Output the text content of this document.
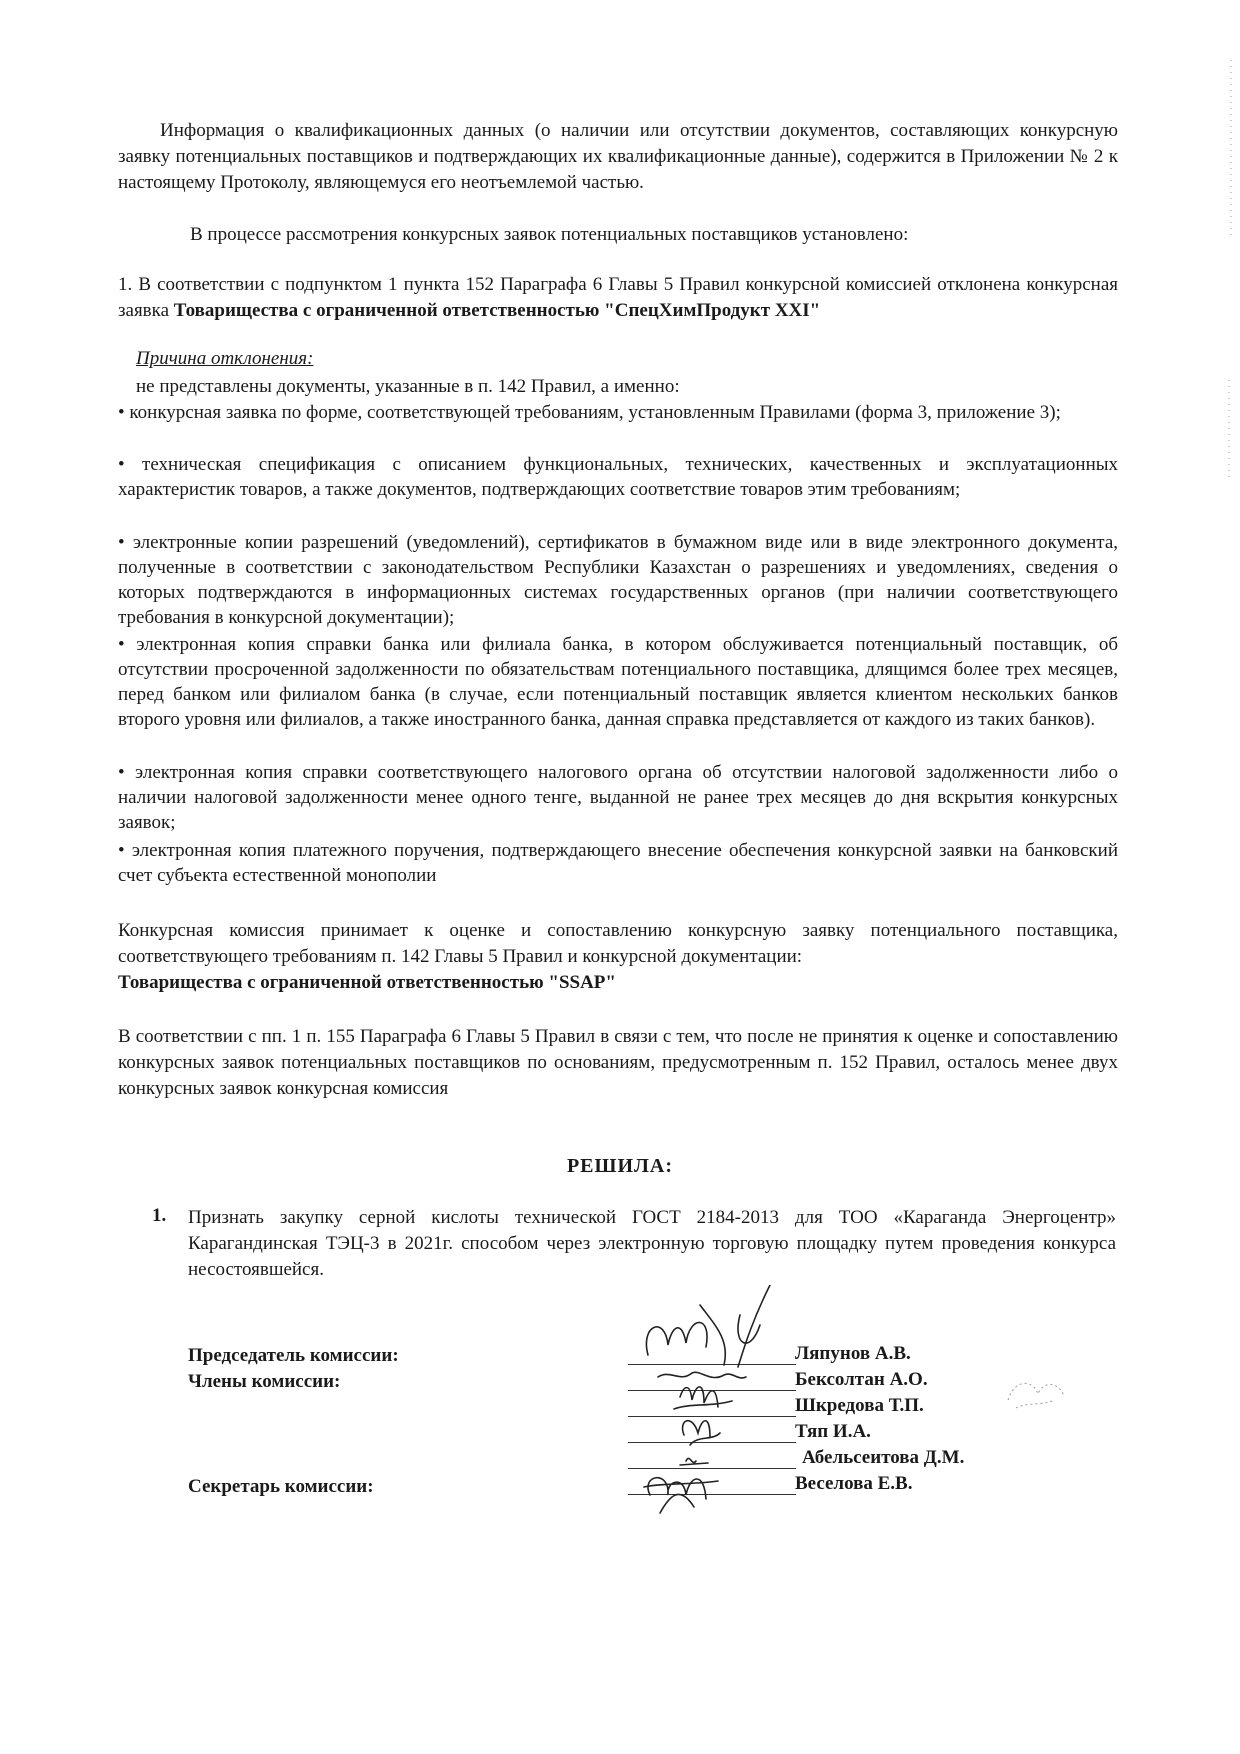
Информация о квалификационных данных (о наличии или отсутствии документов, составляющих конкурсную заявку потенциальных поставщиков и подтверждающих их квалификационные данные), содержится в Приложении № 2 к настоящему Протоколу, являющемуся его неотъемлемой частью.

В процессе рассмотрения конкурсных заявок потенциальных поставщиков установлено:

1. В соответствии с подпунктом 1 пункта 152 Параграфа 6 Главы 5 Правил конкурсной комиссией отклонена конкурсная заявка Товарищества с ограниченной ответственностью "СпецХимПродукт XXI"

Причина отклонения:

не представлены документы, указанные в п. 142 Правил, а именно:

• конкурсная заявка по форме, соответствующей требованиям, установленным Правилами (форма 3, приложение 3);

• техническая спецификация с описанием функциональных, технических, качественных и эксплуатационных характеристик товаров, а также документов, подтверждающих соответствие товаров этим требованиям;

• электронные копии разрешений (уведомлений), сертификатов в бумажном виде или в виде электронного документа, полученные в соответствии с законодательством Республики Казахстан о разрешениях и уведомлениях, сведения о которых подтверждаются в информационных системах государственных органов (при наличии соответствующего требования в конкурсной документации);

• электронная копия справки банка или филиала банка, в котором обслуживается потенциальный поставщик, об отсутствии просроченной задолженности по обязательствам потенциального поставщика, длящимся более трех месяцев, перед банком или филиалом банка (в случае, если потенциальный поставщик является клиентом нескольких банков второго уровня или филиалов, а также иностранного банка, данная справка представляется от каждого из таких банков).

• электронная копия справки соответствующего налогового органа об отсутствии налоговой задолженности либо о наличии налоговой задолженности менее одного тенге, выданной не ранее трех месяцев до дня вскрытия конкурсных заявок;

• электронная копия платежного поручения, подтверждающего внесение обеспечения конкурсной заявки на банковский счет субъекта естественной монополии

Конкурсная комиссия принимает к оценке и сопоставлению конкурсную заявку потенциального поставщика, соответствующего требованиям п. 142 Главы 5 Правил и конкурсной документации:
Товарищества с ограниченной ответственностью "SSAP"

В соответствии с пп. 1 п. 155 Параграфа 6 Главы 5 Правил в связи с тем, что после не принятия к оценке и сопоставлению конкурсных заявок потенциальных поставщиков по основаниям, предусмотренным п. 152 Правил, осталось менее двух конкурсных заявок конкурсная комиссия

РЕШИЛА:
1. Признать закупку серной кислоты технической ГОСТ 2184-2013 для ТОО «Караганда Энергоцентр» Карагандинская ТЭЦ-3 в 2021г. способом через электронную торговую площадку путем проведения конкурса несостоявшейся.

Председатель комиссии:
Члены комиссии:
Секретарь комиссии:
Ляпунов А.В.
Бексолтан А.О.
Шкредова Т.П.
Тяп И.А.
Абельсеитова Д.М.
Веселова Е.В.
